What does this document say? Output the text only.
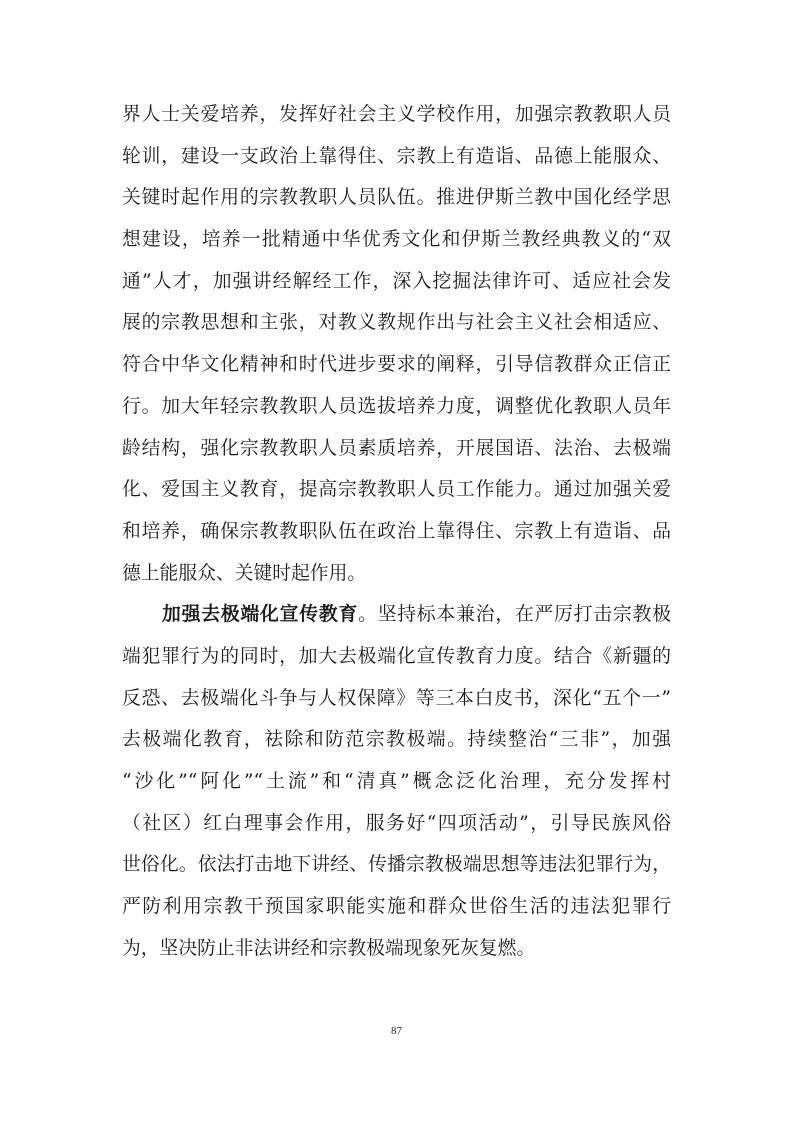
界人士关爱培养，发挥好社会主义学校作用，加强宗教教职人员
轮训，建设一支政治上靠得住、宗教上有造诣、品德上能服众、
关键时起作用的宗教教职人员队伍。推进伊斯兰教中国化经学思
想建设，培养一批精通中华优秀文化和伊斯兰教经典教义的“双
通”人才，加强讲经解经工作，深入挖掘法律许可、适应社会发
展的宗教思想和主张，对教义教规作出与社会主义社会相适应、
符合中华文化精神和时代进步要求的阐释，引导信教群众正信正
行。加大年轻宗教教职人员选拔培养力度，调整优化教职人员年
龄结构，强化宗教教职人员素质培养，开展国语、法治、去极端
化、爱国主义教育，提高宗教教职人员工作能力。通过加强关爱
和培养，确保宗教教职队伍在政治上靠得住、宗教上有造诣、品
德上能服众、关键时起作用。
加强去极端化宣传教育。坚持标本兼治，在严厉打击宗教极
端犯罪行为的同时，加大去极端化宣传教育力度。结合《新疆的
反恐、去极端化斗争与人权保障》等三本白皮书，深化“五个一”
去极端化教育，祛除和防范宗教极端。持续整治“三非”，加强
“沙化”“阿化”“土流”和“清真”概念泛化治理，充分发挥村
（社区）红白理事会作用，服务好“四项活动”，引导民族风俗
世俗化。依法打击地下讲经、传播宗教极端思想等违法犯罪行为，
严防利用宗教干预国家职能实施和群众世俗生活的违法犯罪行
为，坚决防止非法讲经和宗教极端现象死灰复燃。
87
